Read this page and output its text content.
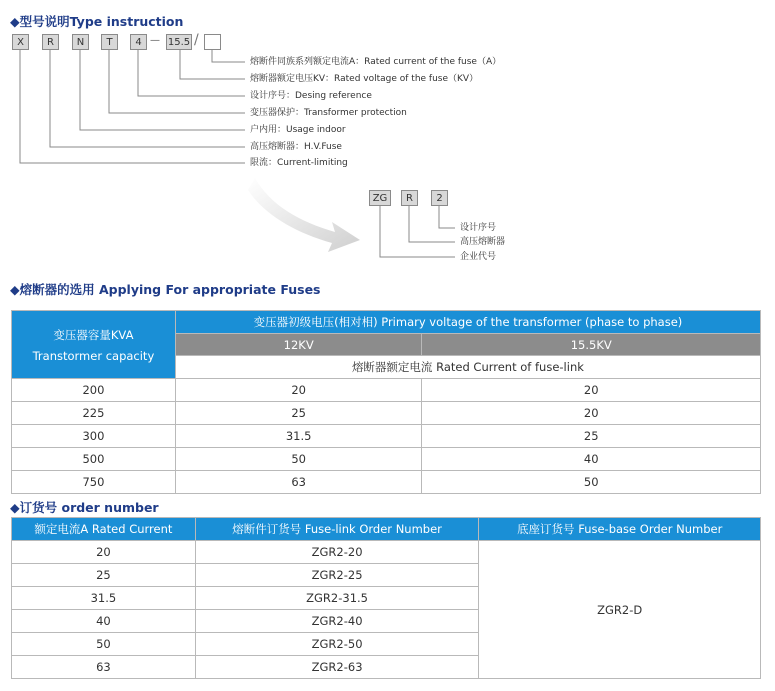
◆型号说明Type instruction
X	R	N	T	4 — 15.5 /
熔断件同族系列额定电流A：Rated current of the fuse（A）
熔断器额定电压KV：Rated voltage of the fuse（KV）
设计序号：Desing reference
变压器保护：Transformer protection
户内用：Usage indoor
高压熔断器：H.V.Fuse
限流：Current-limiting
ZG	R	2
设计序号
高压熔断器
企业代号
◆熔断器的选用 Applying For appropriate Fuses
变压器容量KVA
Transtormer capacity	变压器初级电压(相对相) Primary voltage of the transformer (phase to phase)	
	12KV	15.5KV
	熔断器额定电流 Rated Current of fuse-link	
200	20	20
225	25	20
300	31.5	25
500	50	40
750	63	50
◆订货号 order number
额定电流A Rated Current	熔断件订货号 Fuse-link Order Number	底座订货号 Fuse-base Order Number
20	ZGR2-20	ZGR2-D
25	ZGR2-25	
31.5	ZGR2-31.5	
40	ZGR2-40	
50	ZGR2-50	
63	ZGR2-63	
